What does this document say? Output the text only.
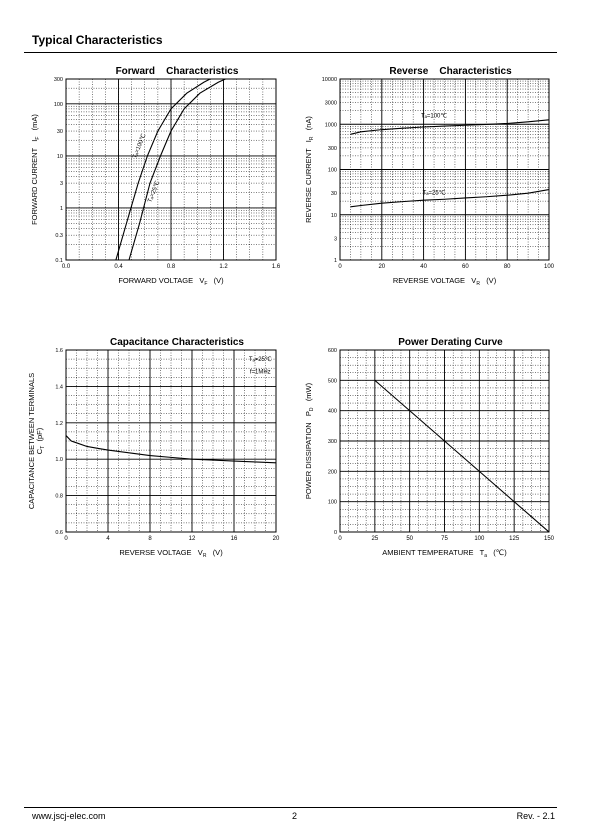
Typical Characteristics
0.0	0.4	0.8	1.2	1.6
0.1
0.3
1
3
10
30
100
300
Forward    Characteristics
FORWARD VOLTAGE   $V_F$   (V)
FORWARD CURRENT   $I_F$   (mA)
Tₐ=100℃
Tₐ=25℃
0	20	40	60	80	100
1
3
10
30
100
300
1000
3000
10000
Reverse    Characteristics
REVERSE VOLTAGE   $V_R$   (V)
REVERSE CURRENT   $I_R$   (nA)	Tₐ=100℃
Tₐ=25℃
0	4	8	12	16	20
0.6
0.8
1.0
1.2
1.4
1.6
Capacitance Characteristics
REVERSE VOLTAGE   $V_R$   (V)
CAPACITANCE BETWEEN TERMINALS $C_T$  (pF)
Tₐ=25℃
f=1MHz
0	25	50	75	100	125	150
0
100
200
300
400
500
600
Power Derating Curve
AMBIENT TEMPERATURE   $T_a$   (℃)
POWER DISSIPATION   $P_D$   (mW)
www.jscj-elec.com	2	Rev. - 2.1
